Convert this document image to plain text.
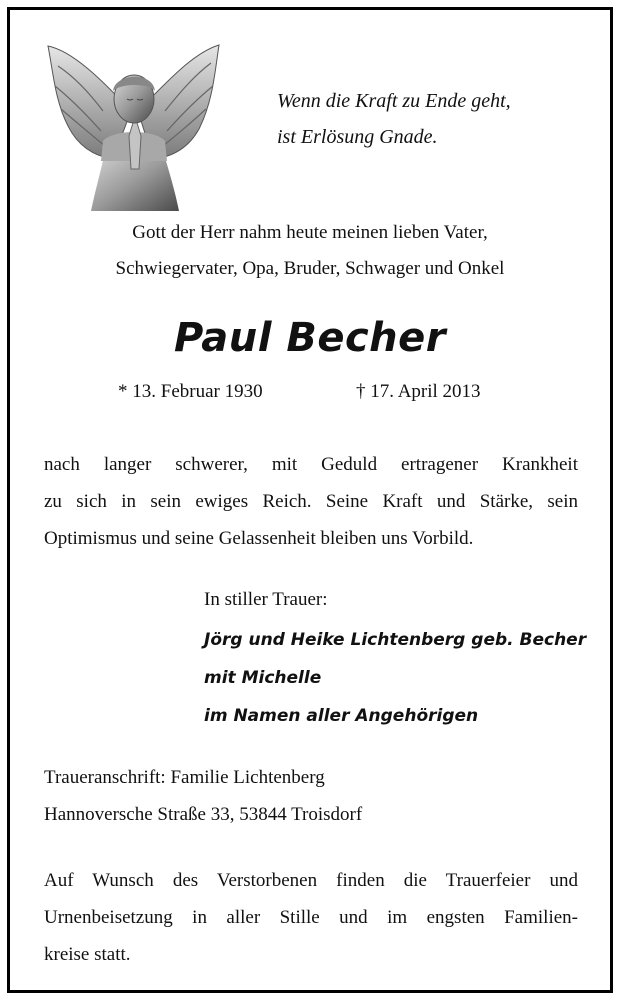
Wenn die Kraft zu Ende geht,
ist Erlösung Gnade.
Gott der Herr nahm heute meinen lieben Vater,
Schwiegervater, Opa, Bruder, Schwager und Onkel
Paul Becher
* 13. Februar 1930	† 17. April 2013
nach langer schwerer, mit Geduld ertragener Krankheit
zu sich in sein ewiges Reich. Seine Kraft und Stärke, sein
Optimismus und seine Gelassenheit bleiben uns Vorbild.
In stiller Trauer:
Jörg und Heike Lichtenberg geb. Becher
mit Michelle
im Namen aller Angehörigen
Traueranschrift: Familie Lichtenberg
Hannoversche Straße 33, 53844 Troisdorf
Auf Wunsch des Verstorbenen finden die Trauerfeier und
Urnenbeisetzung in aller Stille und im engsten Familien-
kreise statt.
